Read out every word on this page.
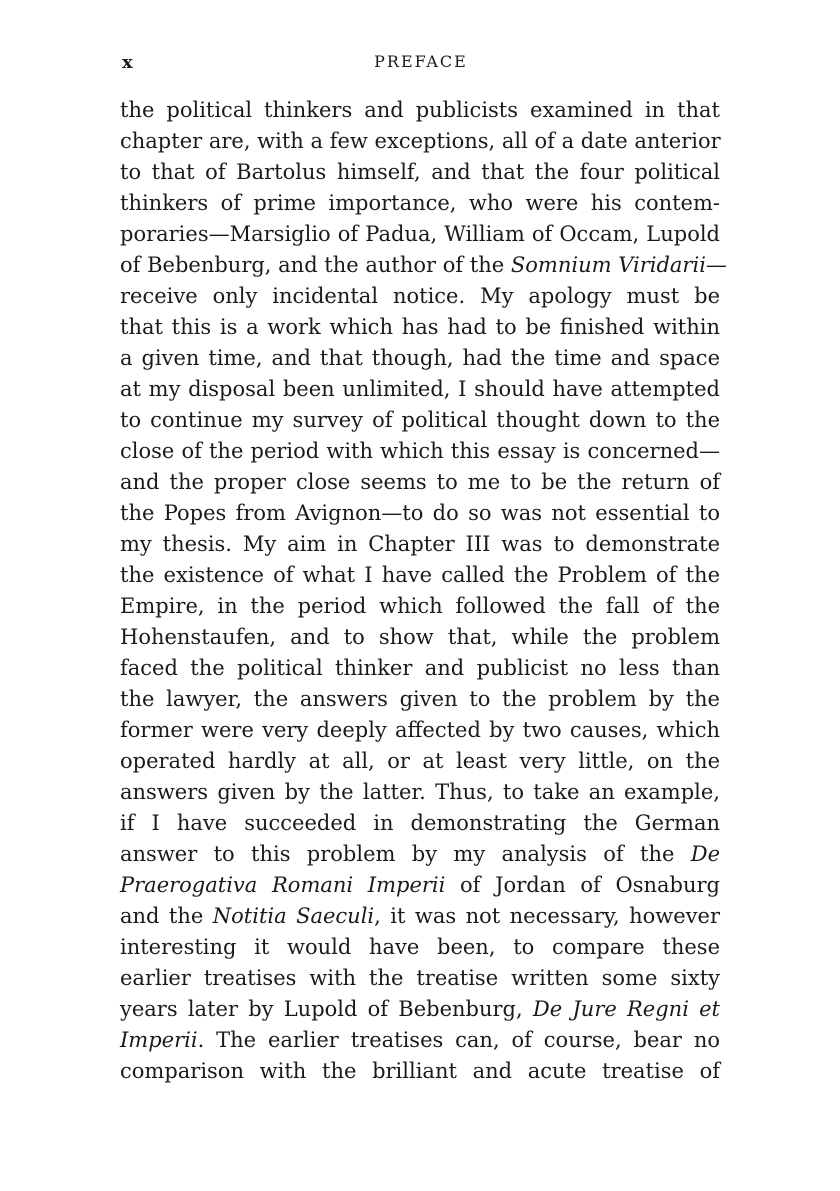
x	PREFACE
the political thinkers and publicists examined in that
chapter are, with a few exceptions, all of a date anterior
to that of Bartolus himself, and that the four political
thinkers of prime importance, who were his contem-
poraries—Marsiglio of Padua, William of Occam, Lupold
of Bebenburg, and the author of the Somnium Viridarii—
receive only incidental notice. My apology must be
that this is a work which has had to be finished within
a given time, and that though, had the time and space
at my disposal been unlimited, I should have attempted
to continue my survey of political thought down to the
close of the period with which this essay is concerned—
and the proper close seems to me to be the return of
the Popes from Avignon—to do so was not essential to
my thesis. My aim in Chapter III was to demonstrate
the existence of what I have called the Problem of the
Empire, in the period which followed the fall of the
Hohenstaufen, and to show that, while the problem
faced the political thinker and publicist no less than
the lawyer, the answers given to the problem by the
former were very deeply affected by two causes, which
operated hardly at all, or at least very little, on the
answers given by the latter. Thus, to take an example,
if I have succeeded in demonstrating the German
answer to this problem by my analysis of the De
Praerogativa Romani Imperii of Jordan of Osnaburg
and the Notitia Saeculi, it was not necessary, however
interesting it would have been, to compare these
earlier treatises with the treatise written some sixty
years later by Lupold of Bebenburg, De Jure Regni et
Imperii. The earlier treatises can, of course, bear no
comparison with the brilliant and acute treatise of
